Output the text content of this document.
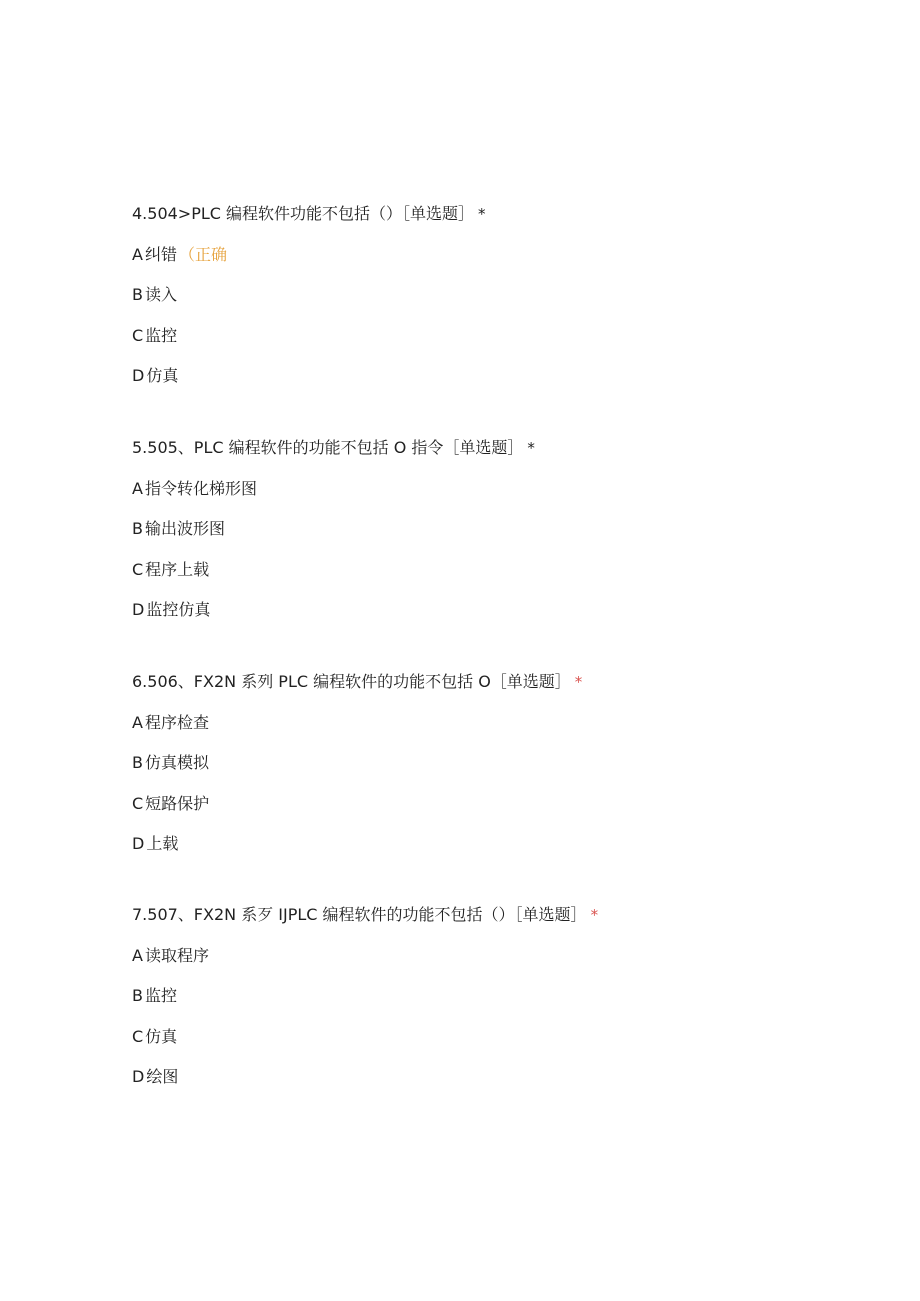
4.504>PLC 编程软件功能不包括（）［单选题］ *
A 纠错 （正确
B 读入
C 监控
D 仿真
5.505、PLC 编程软件的功能不包括 O 指令［单选题］ *
A 指令转化梯形图
B 输出波形图
C 程序上载
D 监控仿真
6.506、FX2N 系列 PLC 编程软件的功能不包括 O［单选题］ *
A 程序检查
B 仿真模拟
C 短路保护
D 上载
7.507、FX2N 系歹 IJPLC 编程软件的功能不包括（）［单选题］ *
A 读取程序
B 监控
C 仿真
D 绘图
